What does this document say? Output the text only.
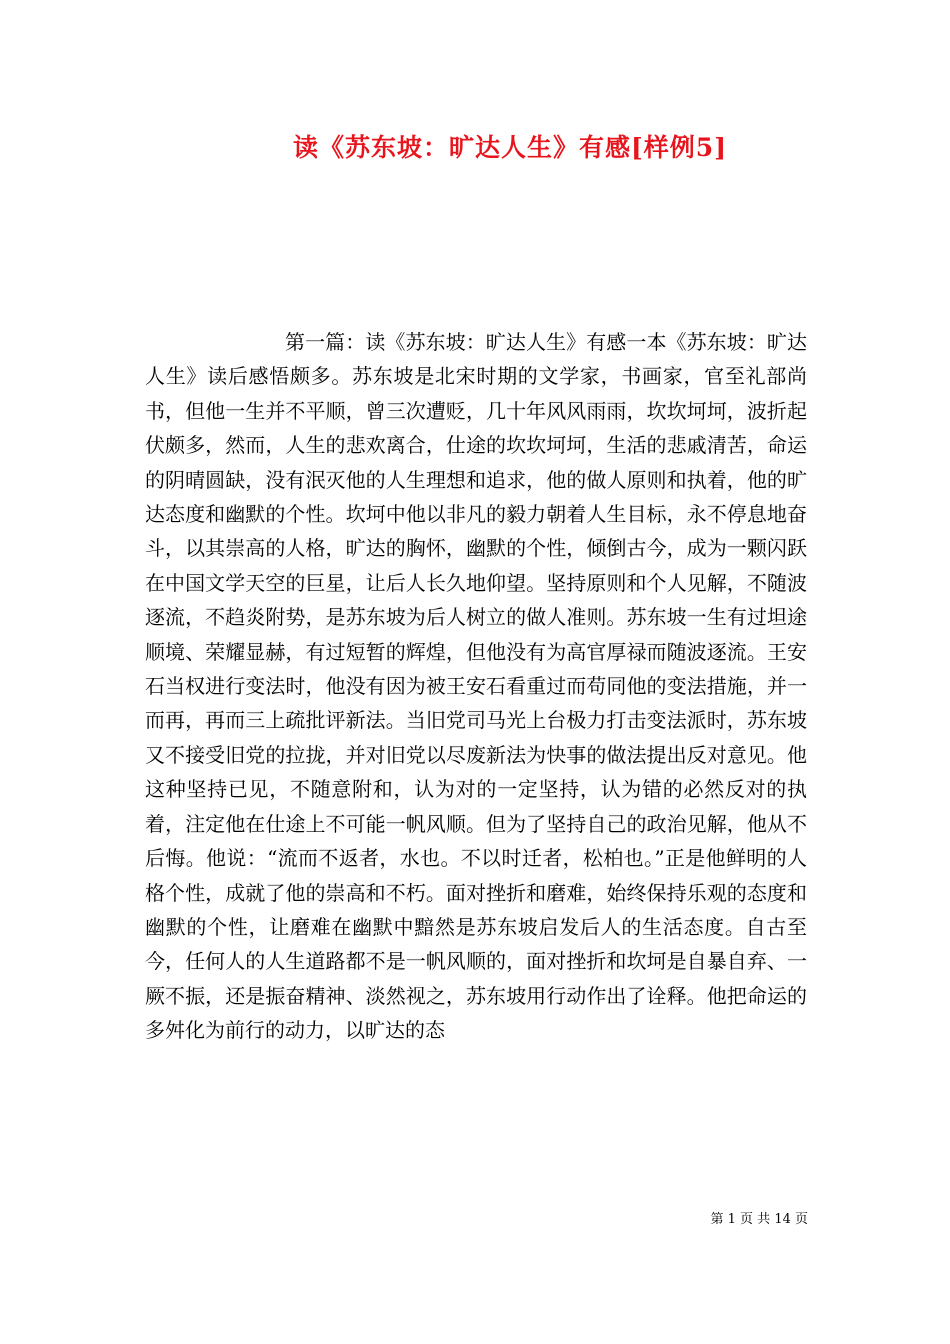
读《苏东坡：旷达人生》有感[样例5]

第一篇：读《苏东坡：旷达人生》有感一本《苏东坡：旷达人生》读后感悟颇多。苏东坡是北宋时期的文学家，书画家，官至礼部尚书，但他一生并不平顺，曾三次遭贬，几十年风风雨雨，坎坎坷坷，波折起伏颇多，然而，人生的悲欢离合，仕途的坎坎坷坷，生活的悲戚清苦，命运的阴晴圆缺，没有泯灭他的人生理想和追求，他的做人原则和执着，他的旷达态度和幽默的个性。坎坷中他以非凡的毅力朝着人生目标，永不停息地奋斗，以其崇高的人格，旷达的胸怀，幽默的个性，倾倒古今，成为一颗闪跃在中国文学天空的巨星，让后人长久地仰望。坚持原则和个人见解，不随波逐流，不趋炎附势，是苏东坡为后人树立的做人准则。苏东坡一生有过坦途顺境、荣耀显赫，有过短暂的辉煌，但他没有为高官厚禄而随波逐流。王安石当权进行变法时，他没有因为被王安石看重过而苟同他的变法措施，并一而再，再而三上疏批评新法。当旧党司马光上台极力打击变法派时，苏东坡又不接受旧党的拉拢，并对旧党以尽废新法为快事的做法提出反对意见。他这种坚持已见，不随意附和，认为对的一定坚持，认为错的必然反对的执着，注定他在仕途上不可能一帆风顺。但为了坚持自己的政治见解，他从不后悔。他说：“流而不返者，水也。不以时迁者，松柏也。”正是他鲜明的人格个性，成就了他的崇高和不朽。面对挫折和磨难，始终保持乐观的态度和幽默的个性，让磨难在幽默中黯然是苏东坡启发后人的生活态度。自古至今，任何人的人生道路都不是一帆风顺的，面对挫折和坎坷是自暴自弃、一厥不振，还是振奋精神、淡然视之，苏东坡用行动作出了诠释。他把命运的多舛化为前行的动力，以旷达的态

第 1 页 共 14 页
